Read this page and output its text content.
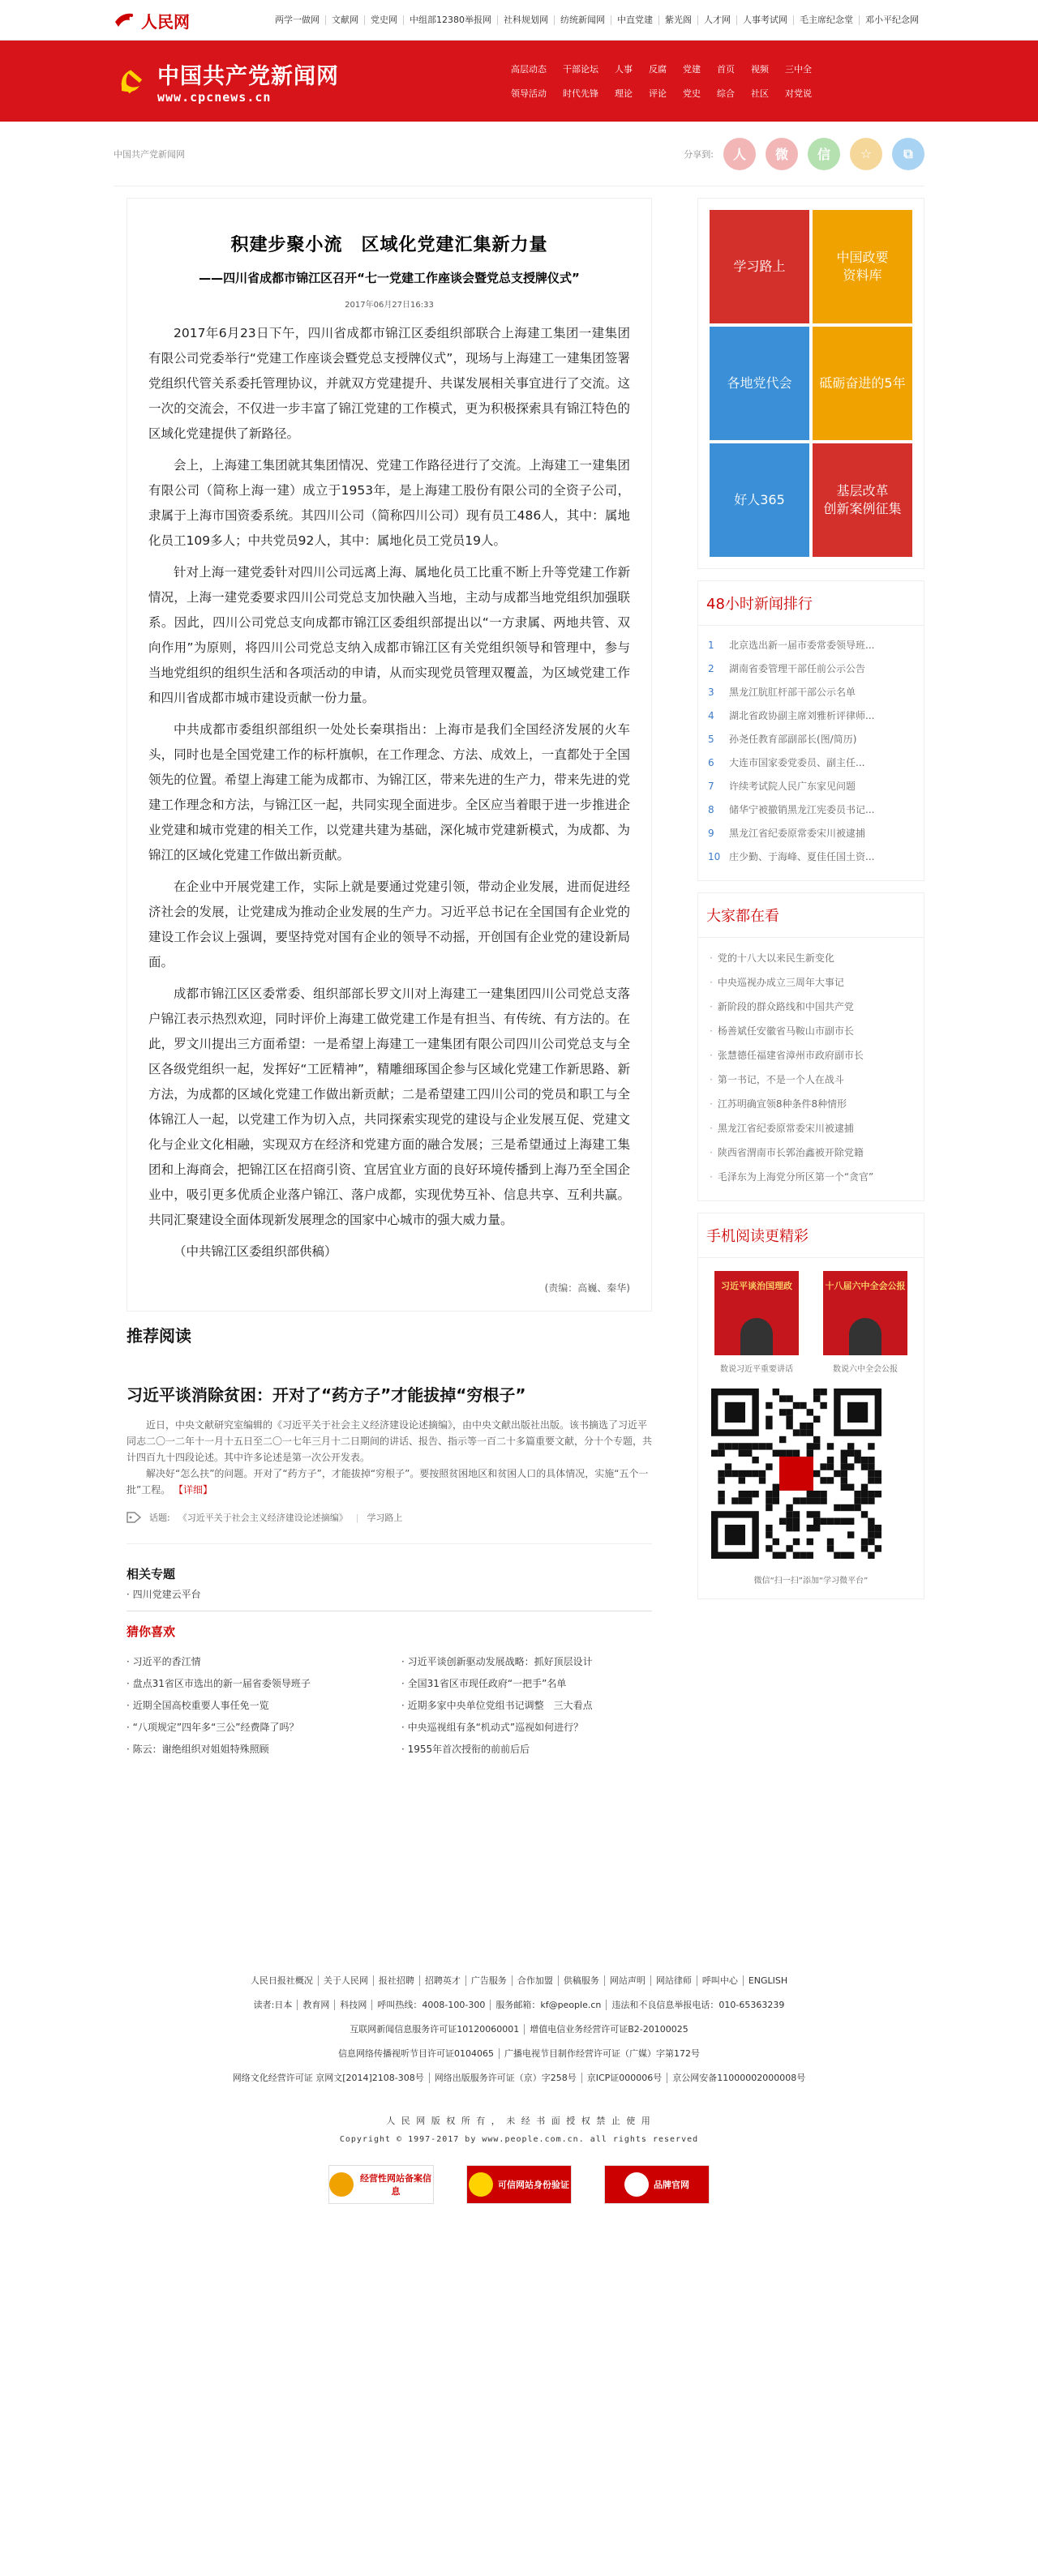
人民网	两学一做网	文献网	党史网	中组部12380举报网	社科规划网	纺统新闻网	中直党建	紫光阁	人才网	人事考试网	毛主席纪念堂	邓小平纪念网
中国共产党新闻网
www.cpcnews.cn
高层动态 干部论坛 人事 反腐 党建 首页 视频 三中全
领导活动 时代先锋 理论 评论 党史 综合 社区 对党说
中国共产党新闻网	分享到:	人	微	信	☆	⧉
积建步聚小流　区域化党建汇集新力量
——四川省成都市锦江区召开“七一党建工作座谈会暨党总支授牌仪式”
2017年06月27日16:33

2017年6月23日下午，四川省成都市锦江区委组织部联合上海建工集团一建集团有限公司党委举行“党建工作座谈会暨党总支授牌仪式”，现场与上海建工一建集团签署党组织代管关系委托管理协议，并就双方党建提升、共谋发展相关事宜进行了交流。这一次的交流会，不仅进一步丰富了锦江党建的工作模式，更为积极探索具有锦江特色的区域化党建提供了新路径。

会上，上海建工集团就其集团情况、党建工作路径进行了交流。上海建工一建集团有限公司（简称上海一建）成立于1953年，是上海建工股份有限公司的全资子公司，隶属于上海市国资委系统。其四川公司（简称四川公司）现有员工486人，其中：属地化员工109多人；中共党员92人，其中：属地化员工党员19人。

针对上海一建党委针对四川公司远离上海、属地化员工比重不断上升等党建工作新情况，上海一建党委要求四川公司党总支加快融入当地，主动与成都当地党组织加强联系。因此，四川公司党总支向成都市锦江区委组织部提出以“一方隶属、两地共管、双向作用”为原则，将四川公司党总支纳入成都市锦江区有关党组织领导和管理中，参与当地党组织的组织生活和各项活动的申请，从而实现党员管理双覆盖，为区域党建工作和四川省成都市城市建设贡献一份力量。

中共成都市委组织部组织一处处长秦琪指出：上海市是我们全国经济发展的火车头，同时也是全国党建工作的标杆旗帜，在工作理念、方法、成效上，一直都处于全国领先的位置。希望上海建工能为成都市、为锦江区，带来先进的生产力，带来先进的党建工作理念和方法，与锦江区一起，共同实现全面进步。全区应当着眼于进一步推进企业党建和城市党建的相关工作，以党建共建为基础，深化城市党建新模式，为成都、为锦江的区域化党建工作做出新贡献。

在企业中开展党建工作，实际上就是要通过党建引领，带动企业发展，进而促进经济社会的发展，让党建成为推动企业发展的生产力。习近平总书记在全国国有企业党的建设工作会议上强调，要坚持党对国有企业的领导不动摇，开创国有企业党的建设新局面。

成都市锦江区区委常委、组织部部长罗文川对上海建工一建集团四川公司党总支落户锦江表示热烈欢迎，同时评价上海建工做党建工作是有担当、有传统、有方法的。在此，罗文川提出三方面希望：一是希望上海建工一建集团有限公司四川公司党总支与全区各级党组织一起，发挥好“工匠精神”，精雕细琢国企参与区域化党建工作新思路、新方法，为成都的区域化党建工作做出新贡献；二是希望建工四川公司的党员和职工与全体锦江人一起，以党建工作为切入点，共同探索实现党的建设与企业发展互促、党建文化与企业文化相融，实现双方在经济和党建方面的融合发展；三是希望通过上海建工集团和上海商会，把锦江区在招商引资、宜居宜业方面的良好环境传播到上海乃至全国企业中，吸引更多优质企业落户锦江、落户成都，实现优势互补、信息共享、互利共赢。共同汇聚建设全面体现新发展理念的国家中心城市的强大威力量。

（中共锦江区委组织部供稿）

(责编：高巍、秦华)
推荐阅读
习近平谈消除贫困：开对了“药方子”才能拔掉“穷根子”

近日，中央文献研究室编辑的《习近平关于社会主义经济建设论述摘编》，由中央文献出版社出版。该书摘选了习近平同志二〇一二年十一月十五日至二〇一七年三月十二日期间的讲话、报告、指示等一百二十多篇重要文献，分十个专题，共计四百九十四段论述。其中许多论述是第一次公开发表。

解决好“怎么扶”的问题。开对了“药方子”，才能拔掉“穷根子”。要按照贫困地区和贫困人口的具体情况，实施“五个一批”工程。 【详细】

话题: 《习近平关于社会主义经济建设论述摘编》 | 学习路上
相关专题
· 四川党建云平台
猜你喜欢
· 习近平的香江情	· 习近平谈创新驱动发展战略：抓好顶层设计
· 盘点31省区市选出的新一届省委领导班子	· 全国31省区市现任政府“一把手”名单
· 近期全国高校重要人事任免一览	· 近期多家中央单位党组书记调整　三大看点
· “八项规定”四年多“三公”经费降了吗？	· 中央巡视组有条“机动式”巡视如何进行？
· 陈云：谢绝组织对姐姐特殊照顾	· 1955年首次授衔的前前后后
学习路上
中国政要
资料库
各地党代会 砥砺奋进的5年
好人365
基层改革
创新案例征集
48小时新闻排行
1	北京选出新一届市委常委领导班...
2	湖南省委管理干部任前公示公告
3	黑龙江肮肛杆部干部公示名单
4	湖北省政协副主席刘雅析评律师...
5	孙尧任教育部副部长(图/简历)
6	大连市国家委党委员、副主任...
7	许续考试院人民广东家见问题
8	储华宁被撤销黑龙江宪委员书记...
9	黑龙江省纪委原常委宋川被逮捕
10 庄少勤、于海峰、夏佳任国土资...
大家都在看
· 党的十八大以来民生新变化
· 中央巡视办成立三周年大事记
· 新阶段的群众路线和中国共产党
· 杨善斌任安徽省马鞍山市副市长
· 张慧德任福建省漳州市政府副市长
· 第一书记，不是一个人在战斗
· 江苏明确宣领8种条件8种情形
· 黑龙江省纪委原常委宋川被逮捕
· 陕西省渭南市长郭治鑫被开除党籍
· 毛泽东为上海党分所区第一个“贪官”
手机阅读更精彩
习近平谈治国理政
数说习近平重要讲话
十八届六中全会公报
数说六中全会公报
微信“扫一扫”添加“学习微平台”
人民日报社概况 关于人民网 报社招聘 招聘英才 广告服务 合作加盟 供稿服务 网站声明 网站律师 呼叫中心 ENGLISH
读者:日本 教育网 科技网 呼叫热线：4008-100-300 服务邮箱：kf@people.cn 违法和不良信息举报电话：010-65363239
互联网新闻信息服务许可证10120060001 增值电信业务经营许可证B2-20100025
信息网络传播视听节目许可证0104065 广播电视节目制作经营许可证（广媒）字第172号
网络文化经营许可证 京网文[2014]2108-308号 网络出版服务许可证（京）字258号 京ICP证000006号 京公网安备11000002000008号
人 民 网 版 权 所 有 ， 未 经 书 面 授 权 禁 止 使 用
Copyright © 1997-2017 by www.people.com.cn. all rights reserved
经营性网站备案信息
可信网站身份验证	品牌官网
